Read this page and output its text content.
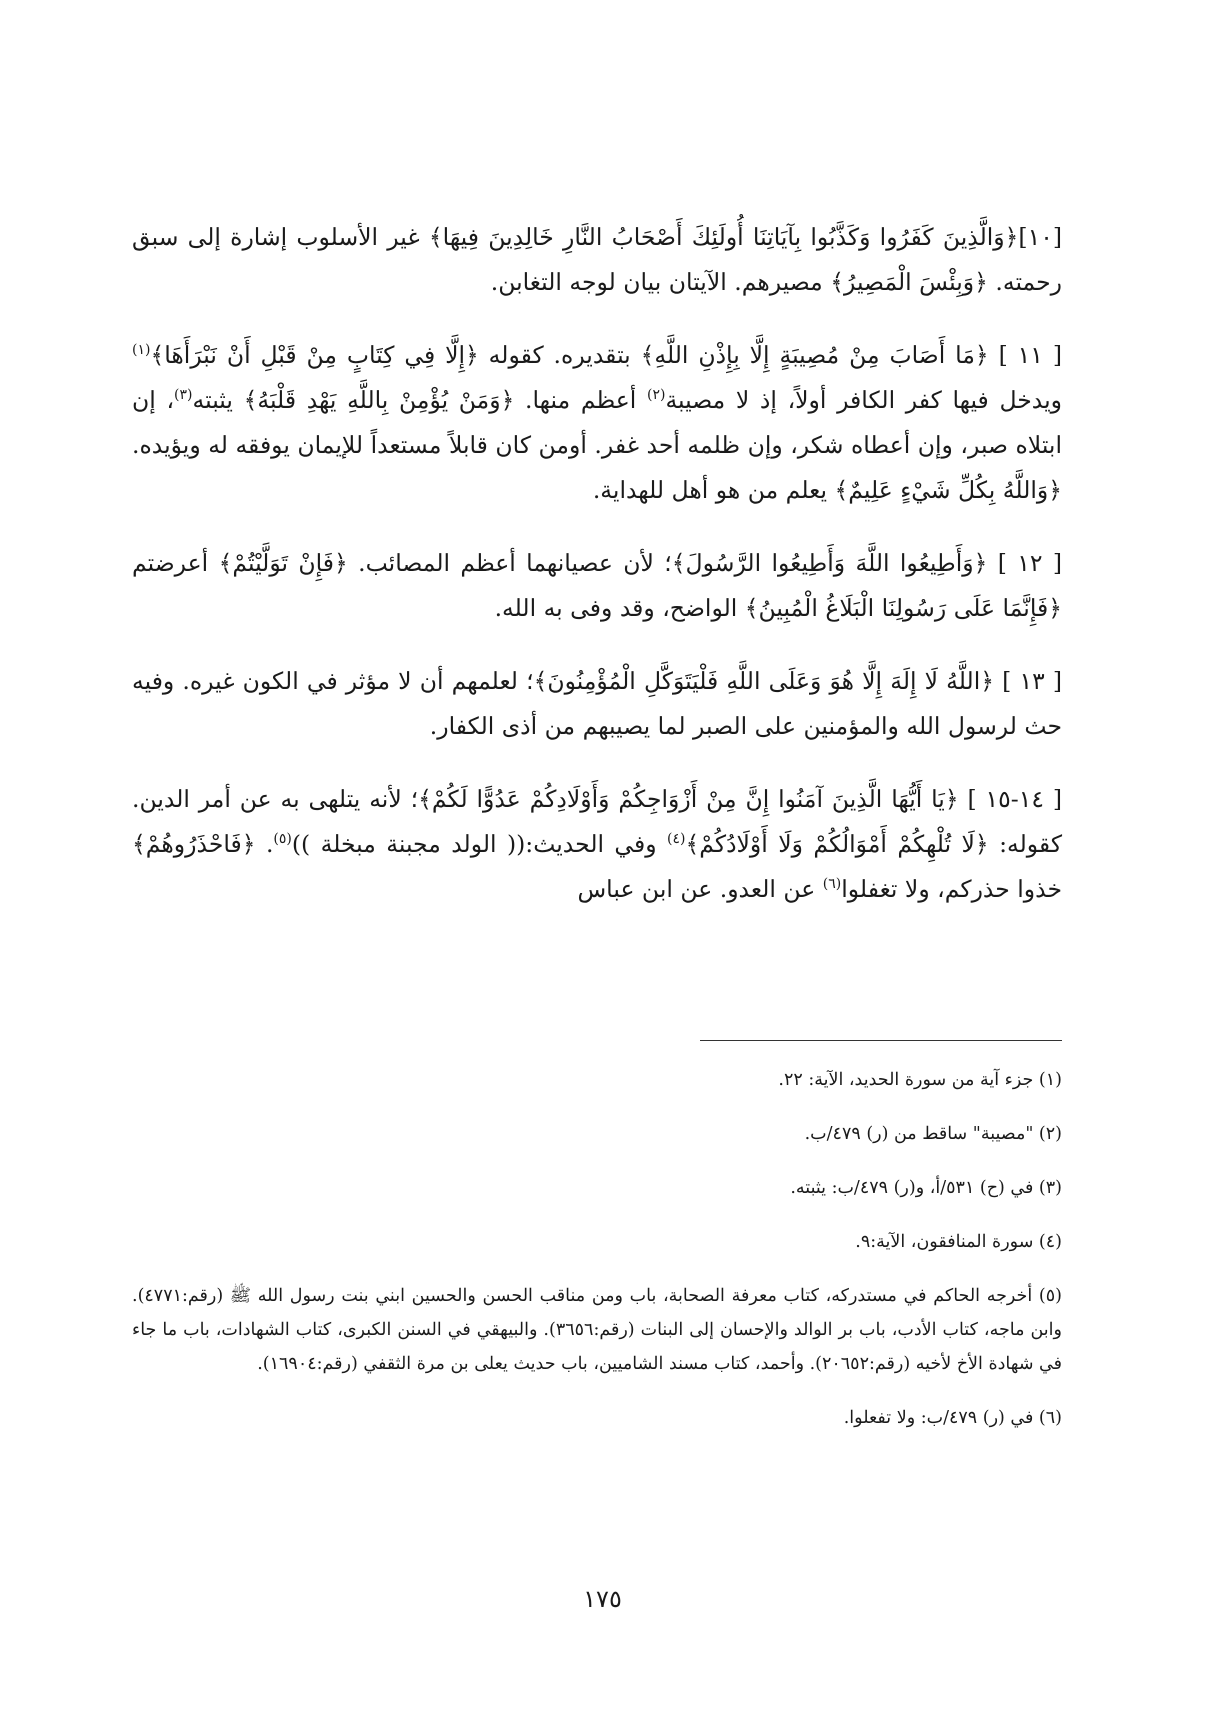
[١٠]﴿وَالَّذِينَ كَفَرُوا وَكَذَّبُوا بِآيَاتِنَا أُولَئِكَ أَصْحَابُ النَّارِ خَالِدِينَ فِيهَا﴾ غير الأسلوب إشارة إلى سبق رحمته. ﴿وَبِئْسَ الْمَصِيرُ﴾ مصيرهم. الآيتان بيان لوجه التغابن.

[ ١١ ] ﴿مَا أَصَابَ مِنْ مُصِيبَةٍ إِلَّا بِإِذْنِ اللَّهِ﴾ بتقديره. كقوله ﴿إِلَّا فِي كِتَابٍ مِنْ قَبْلِ أَنْ نَبْرَأَهَا﴾$^{(١)}$ ويدخل فيها كفر الكافر أولاً، إذ لا مصيبة$^{(٢)}$ أعظم منها. ﴿وَمَنْ يُؤْمِنْ بِاللَّهِ يَهْدِ قَلْبَهُ﴾ يثبته$^{(٣)}$، إن ابتلاه صبر، وإن أعطاه شكر، وإن ظلمه أحد غفر. أومن كان قابلاً مستعداً للإيمان يوفقه له ويؤيده. ﴿وَاللَّهُ بِكُلِّ شَيْءٍ عَلِيمٌ﴾ يعلم من هو أهل للهداية.

[ ١٢ ] ﴿وَأَطِيعُوا اللَّهَ وَأَطِيعُوا الرَّسُولَ﴾؛ لأن عصيانهما أعظم المصائب. ﴿فَإِنْ تَوَلَّيْتُمْ﴾ أعرضتم ﴿فَإِنَّمَا عَلَى رَسُولِنَا الْبَلَاغُ الْمُبِينُ﴾ الواضح، وقد وفى به الله.

[ ١٣ ] ﴿اللَّهُ لَا إِلَهَ إِلَّا هُوَ وَعَلَى اللَّهِ فَلْيَتَوَكَّلِ الْمُؤْمِنُونَ﴾؛ لعلمهم أن لا مؤثر في الكون غيره. وفيه حث لرسول الله والمؤمنين على الصبر لما يصيبهم من أذى الكفار.

[ ١٤-١٥ ] ﴿يَا أَيُّهَا الَّذِينَ آمَنُوا إِنَّ مِنْ أَزْوَاجِكُمْ وَأَوْلَادِكُمْ عَدُوًّا لَكُمْ﴾؛ لأنه يتلهى به عن أمر الدين. كقوله: ﴿لَا تُلْهِكُمْ أَمْوَالُكُمْ وَلَا أَوْلَادُكُمْ﴾$^{(٤)}$ وفي الحديث:(( الولد مجبنة مبخلة ))$^{(٥)}$. ﴿فَاحْذَرُوهُمْ﴾ خذوا حذركم، ولا تغفلوا$^{(٦)}$ عن العدو. عن ابن عباس

(١) جزء آية من سورة الحديد، الآية: ٢٢.

(٢) "مصيبة" ساقط من (ر) ٤٧٩/ب.

(٣) في (ح) ٥٣١/أ، و(ر) ٤٧٩/ب: يثبته.

(٤) سورة المنافقون، الآية:٩.

(٥) أخرجه الحاكم في مستدركه، كتاب معرفة الصحابة، باب ومن مناقب الحسن والحسين ابني بنت رسول الله ﷺ (رقم:٤٧٧١). وابن ماجه، كتاب الأدب، باب بر الوالد والإحسان إلى البنات (رقم:٣٦٥٦). والبيهقي في السنن الكبرى، كتاب الشهادات، باب ما جاء في شهادة الأخ لأخيه (رقم:٢٠٦٥٢). وأحمد، كتاب مسند الشاميين، باب حديث يعلى بن مرة الثقفي (رقم:١٦٩٠٤).

(٦) في (ر) ٤٧٩/ب: ولا تفعلوا.

١٧٥
